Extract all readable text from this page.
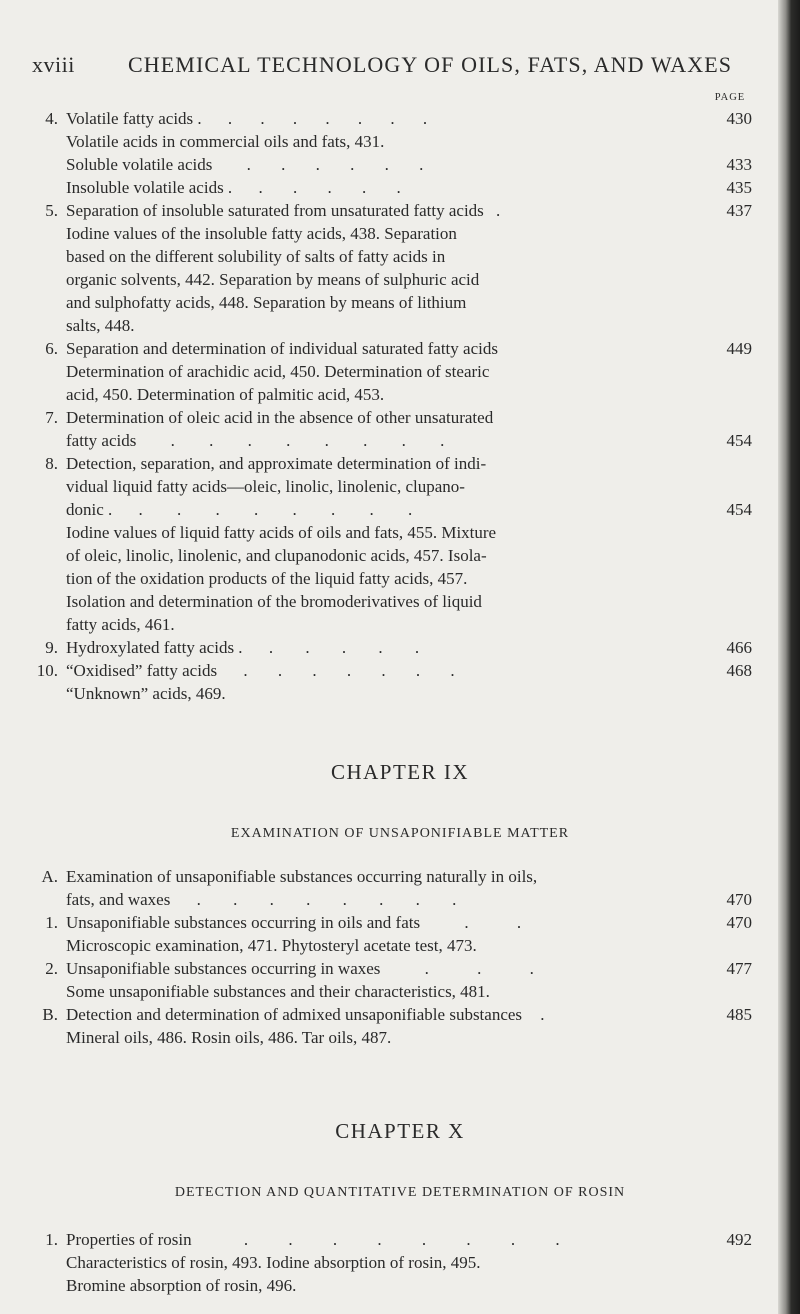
xviii CHEMICAL TECHNOLOGY OF OILS, FATS, AND WAXES
PAGE
4. Volatile fatty acids . . . . . . . .	430
Volatile acids in commercial oils and fats, 431.
Soluble volatile acids . . . . . .	433
Insoluble volatile acids . . . . . .	435
5. Separation of insoluble saturated from unsaturated fatty acids .	437
Iodine values of the insoluble fatty acids, 438. Separation
based on the different solubility of salts of fatty acids in
organic solvents, 442. Separation by means of sulphuric acid
and sulphofatty acids, 448. Separation by means of lithium
salts, 448.
6. Separation and determination of individual saturated fatty acids	449
Determination of arachidic acid, 450. Determination of stearic
acid, 450. Determination of palmitic acid, 453.
7. Determination of oleic acid in the absence of other unsaturated
fatty acids . . . . . . . .	454
8. Detection, separation, and approximate determination of indi-
vidual liquid fatty acids—oleic, linolic, linolenic, clupano-
donic . . . . . . . . .	454
Iodine values of liquid fatty acids of oils and fats, 455. Mixture
of oleic, linolic, linolenic, and clupanodonic acids, 457. Isola-
tion of the oxidation products of the liquid fatty acids, 457.
Isolation and determination of the bromoderivatives of liquid
fatty acids, 461.
9. Hydroxylated fatty acids . . . . . .	466
10. “Oxidised” fatty acids . . . . . . .	468
“Unknown” acids, 469.
CHAPTER IX
EXAMINATION OF UNSAPONIFIABLE MATTER
A. Examination of unsaponifiable substances occurring naturally in oils,
fats, and waxes . . . . . . . .	470
1. Unsaponifiable substances occurring in oils and fats	. .	470
Microscopic examination, 471. Phytosteryl acetate test, 473.
2. Unsaponifiable substances occurring in waxes	. . .	477
Some unsaponifiable substances and their characteristics, 481.
B. Detection and determination of admixed unsaponifiable substances .	485
Mineral oils, 486. Rosin oils, 486. Tar oils, 487.
CHAPTER X
DETECTION AND QUANTITATIVE DETERMINATION OF ROSIN
1. Properties of rosin	. . . . . . . .	492
Characteristics of rosin, 493. Iodine absorption of rosin, 495.
Bromine absorption of rosin, 496.
